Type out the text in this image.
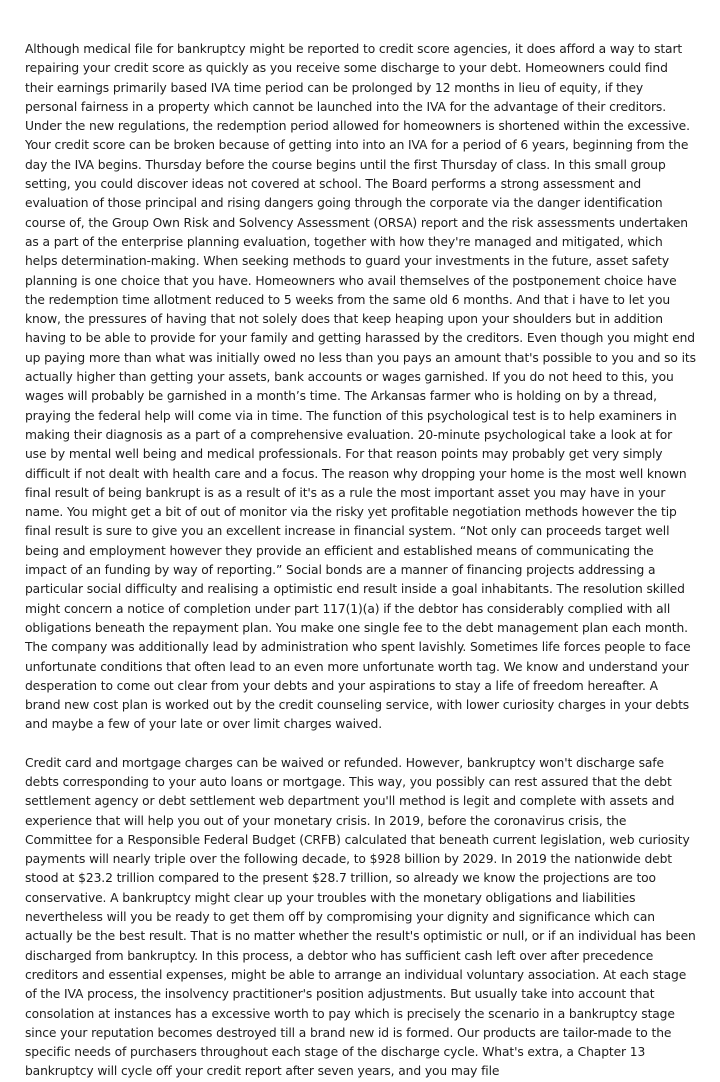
Although medical file for bankruptcy might be reported to credit score agencies, it does afford a way to start repairing your credit score as quickly as you receive some discharge to your debt. Homeowners could find their earnings primarily based IVA time period can be prolonged by 12 months in lieu of equity, if they personal fairness in a property which cannot be launched into the IVA for the advantage of their creditors. Under the new regulations, the redemption period allowed for homeowners is shortened within the excessive. Your credit score can be broken because of getting into into an IVA for a period of 6 years, beginning from the day the IVA begins. Thursday before the course begins until the first Thursday of class. In this small group setting, you could discover ideas not covered at school. The Board performs a strong assessment and evaluation of those principal and rising dangers going through the corporate via the danger identification course of, the Group Own Risk and Solvency Assessment (ORSA) report and the risk assessments undertaken as a part of the enterprise planning evaluation, together with how they're managed and mitigated, which helps determination-making. When seeking methods to guard your investments in the future, asset safety planning is one choice that you have. Homeowners who avail themselves of the postponement choice have the redemption time allotment reduced to 5 weeks from the same old 6 months. And that i have to let you know, the pressures of having that not solely does that keep heaping upon your shoulders but in addition having to be able to provide for your family and getting harassed by the creditors. Even though you might end up paying more than what was initially owed no less than you pays an amount that's possible to you and so its actually higher than getting your assets, bank accounts or wages garnished. If you do not heed to this, you wages will probably be garnished in a month’s time. The Arkansas farmer who is holding on by a thread, praying the federal help will come via in time. The function of this psychological test is to help examiners in making their diagnosis as a part of a comprehensive evaluation. 20-minute psychological take a look at for use by mental well being and medical professionals. For that reason points may probably get very simply difficult if not dealt with health care and a focus. The reason why dropping your home is the most well known final result of being bankrupt is as a result of it's as a rule the most important asset you may have in your name. You might get a bit of out of monitor via the risky yet profitable negotiation methods however the tip final result is sure to give you an excellent increase in financial system. “Not only can proceeds target well being and employment however they provide an efficient and established means of communicating the impact of an funding by way of reporting.” Social bonds are a manner of financing projects addressing a particular social difficulty and realising a optimistic end result inside a goal inhabitants. The resolution skilled might concern a notice of completion under part 117(1)(a) if the debtor has considerably complied with all obligations beneath the repayment plan. You make one single fee to the debt management plan each month. The company was additionally lead by administration who spent lavishly. Sometimes life forces people to face unfortunate conditions that often lead to an even more unfortunate worth tag. We know and understand your desperation to come out clear from your debts and your aspirations to stay a life of freedom hereafter. A brand new cost plan is worked out by the credit counseling service, with lower curiosity charges in your debts and maybe a few of your late or over limit charges waived.

Credit card and mortgage charges can be waived or refunded. However, bankruptcy won't discharge safe debts corresponding to your auto loans or mortgage. This way, you possibly can rest assured that the debt settlement agency or debt settlement web department you'll method is legit and complete with assets and experience that will help you out of your monetary crisis. In 2019, before the coronavirus crisis, the Committee for a Responsible Federal Budget (CRFB) calculated that beneath current legislation, web curiosity payments will nearly triple over the following decade, to $928 billion by 2029. In 2019 the nationwide debt stood at $23.2 trillion compared to the present $28.7 trillion, so already we know the projections are too conservative. A bankruptcy might clear up your troubles with the monetary obligations and liabilities nevertheless will you be ready to get them off by compromising your dignity and significance which can actually be the best result. That is no matter whether the result's optimistic or null, or if an individual has been discharged from bankruptcy. In this process, a debtor who has sufficient cash left over after precedence creditors and essential expenses, might be able to arrange an individual voluntary association. At each stage of the IVA process, the insolvency practitioner's position adjustments. But usually take into account that consolation at instances has a excessive worth to pay which is precisely the scenario in a bankruptcy stage since your reputation becomes destroyed till a brand new id is formed. Our products are tailor-made to the specific needs of purchasers throughout each stage of the discharge cycle. What's extra, a Chapter 13 bankruptcy will cycle off your credit report after seven years, and you may file
